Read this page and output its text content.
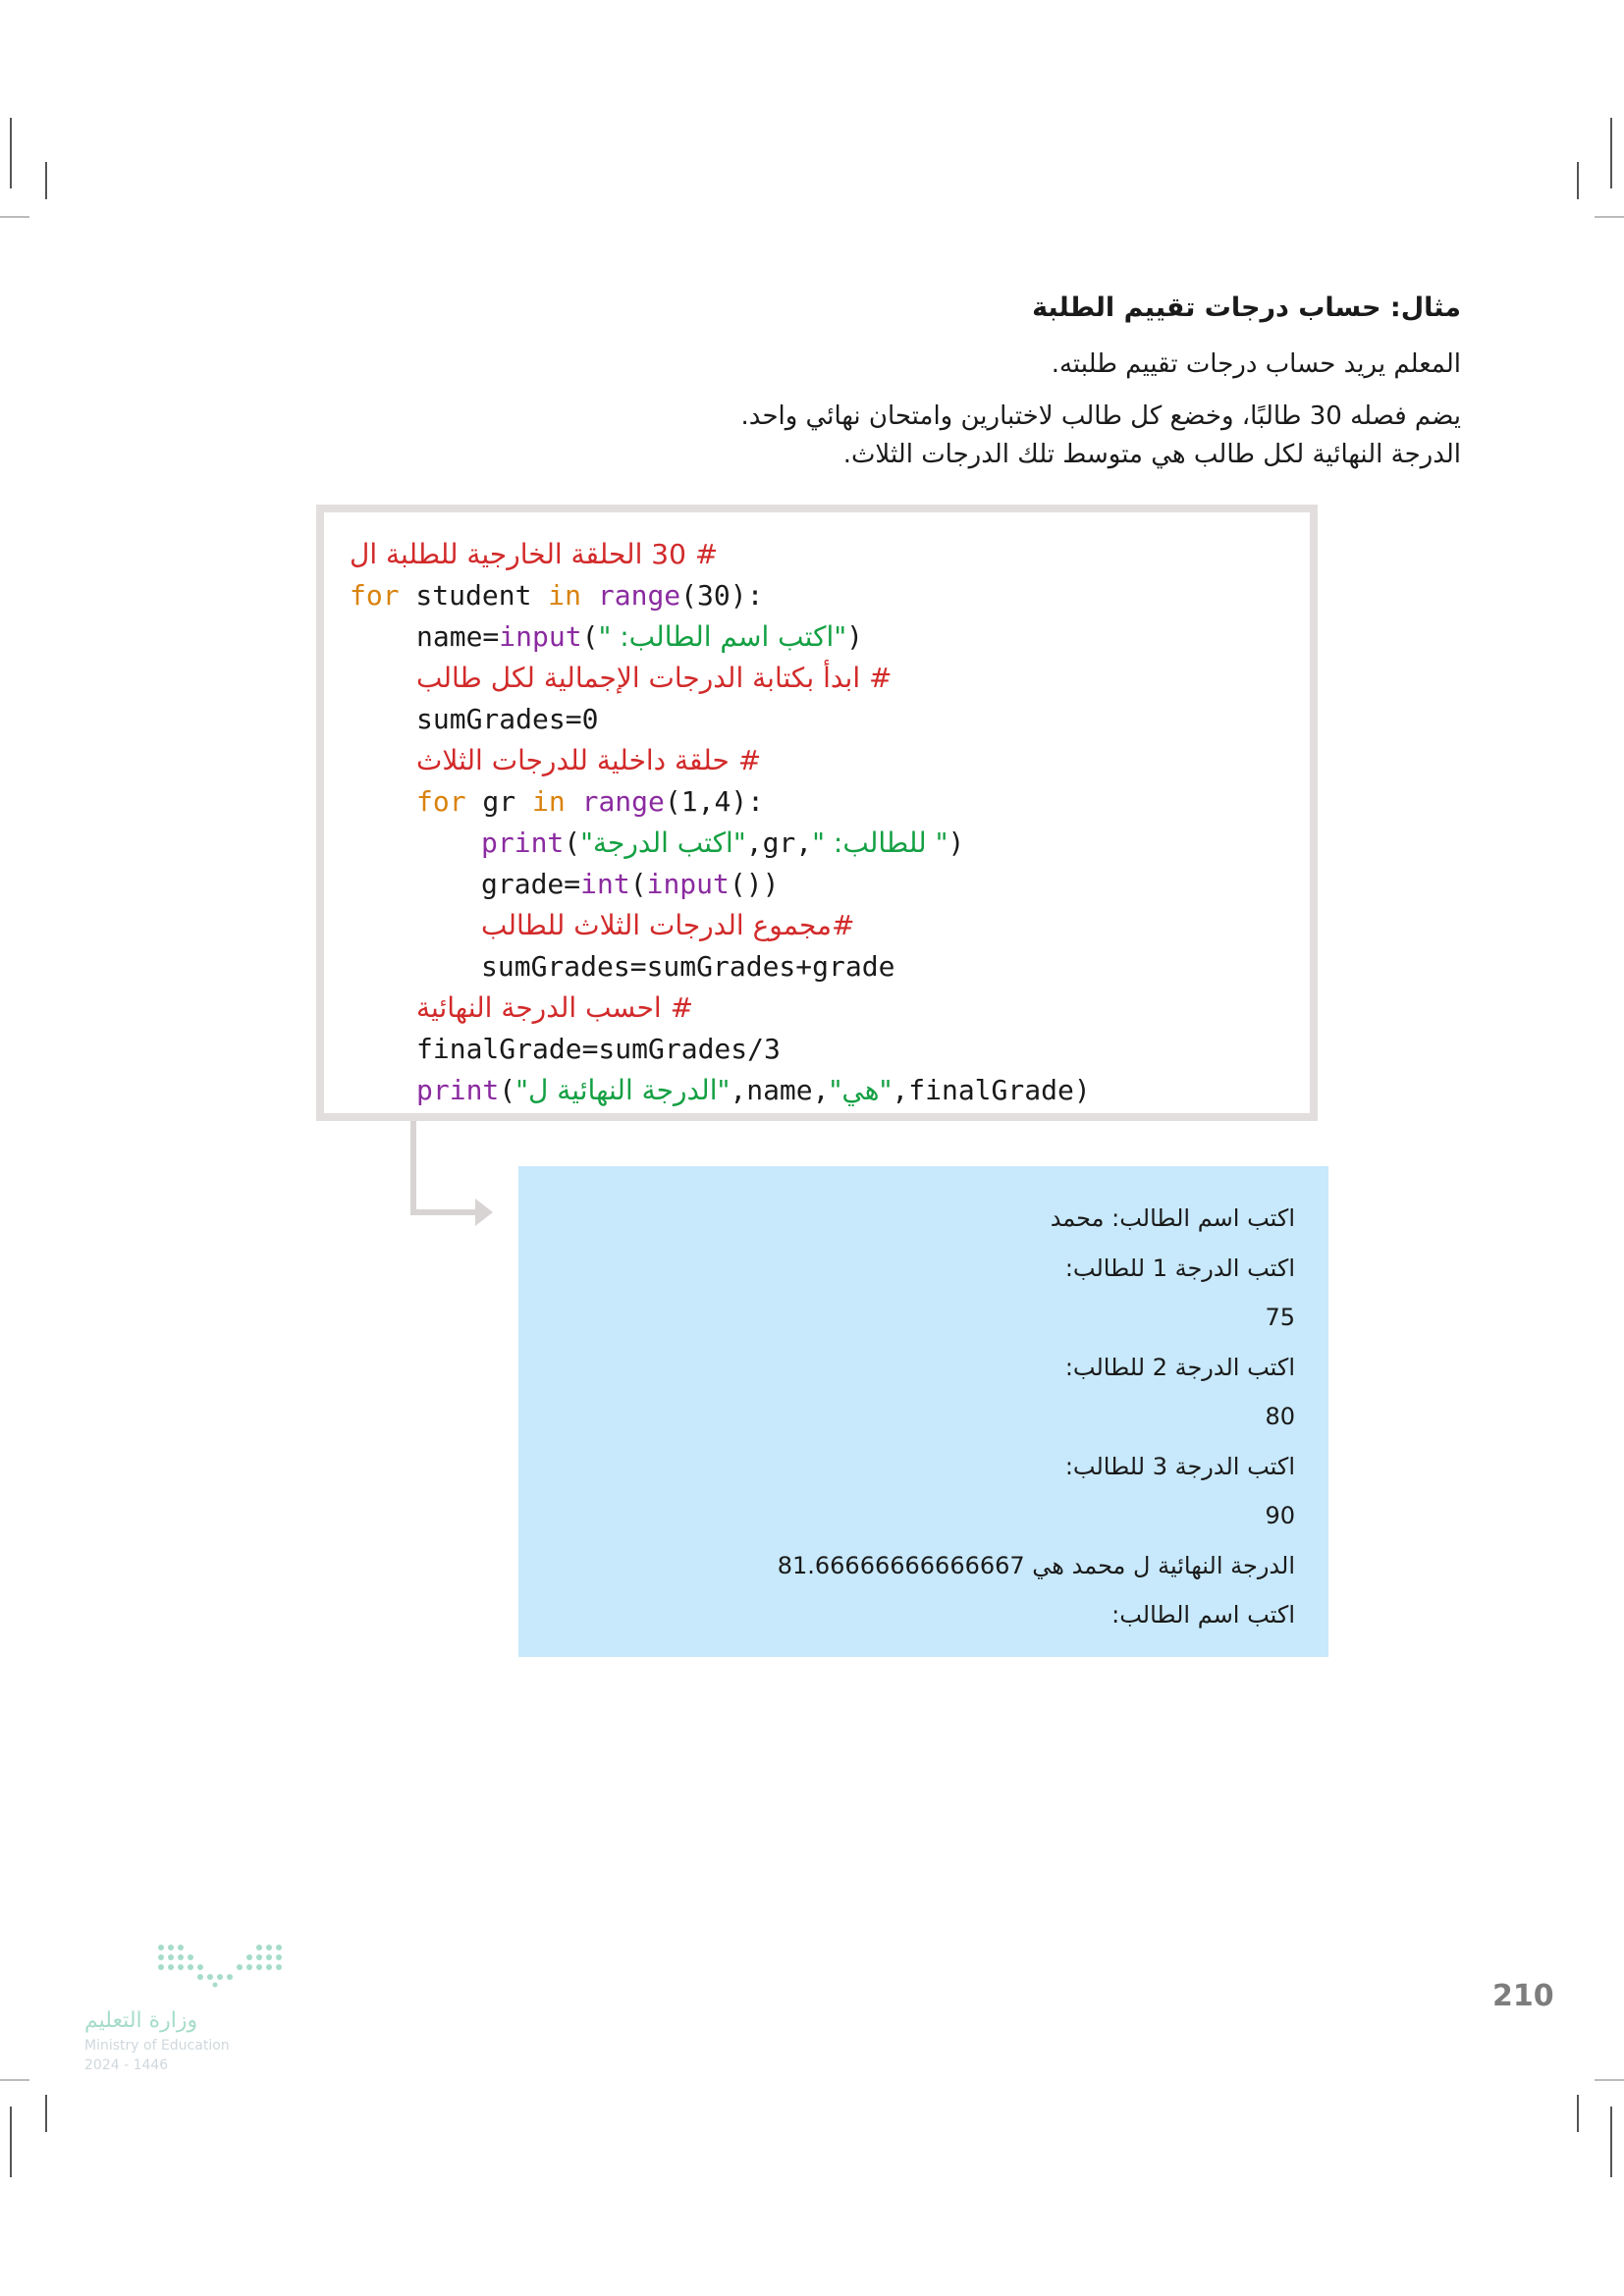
مثال: حساب درجات تقييم الطلبة
المعلم يريد حساب درجات تقييم طلبته.
يضم فصله 30 طالبًا، وخضع كل طالب لاختبارين وامتحان نهائي واحد.
الدرجة النهائية لكل طالب هي متوسط تلك الدرجات الثلاث.
# 30 الحلقة الخارجية للطلبة ال
for student in range(30):
name=input("اكتب اسم الطالب: ")
# ابدأ بكتابة الدرجات الإجمالية لكل طالب
sumGrades=0
# حلقة داخلية للدرجات الثلاث
for gr in range(1,4):
print("اكتب الدرجة",gr," للطالب: ")
grade=int(input())
#مجموع الدرجات الثلاث للطالب
sumGrades=sumGrades+grade
# احسب الدرجة النهائية
finalGrade=sumGrades/3
print("الدرجة النهائية ل",name,"هي",finalGrade)
اكتب اسم الطالب: محمد
اكتب الدرجة 1 للطالب:
75
اكتب الدرجة 2 للطالب:
80
اكتب الدرجة 3 للطالب:
90
الدرجة النهائية ل محمد هي 81.66666666666667
اكتب اسم الطالب:
210
وزارة التعليم
Ministry of Education
2024 - 1446
